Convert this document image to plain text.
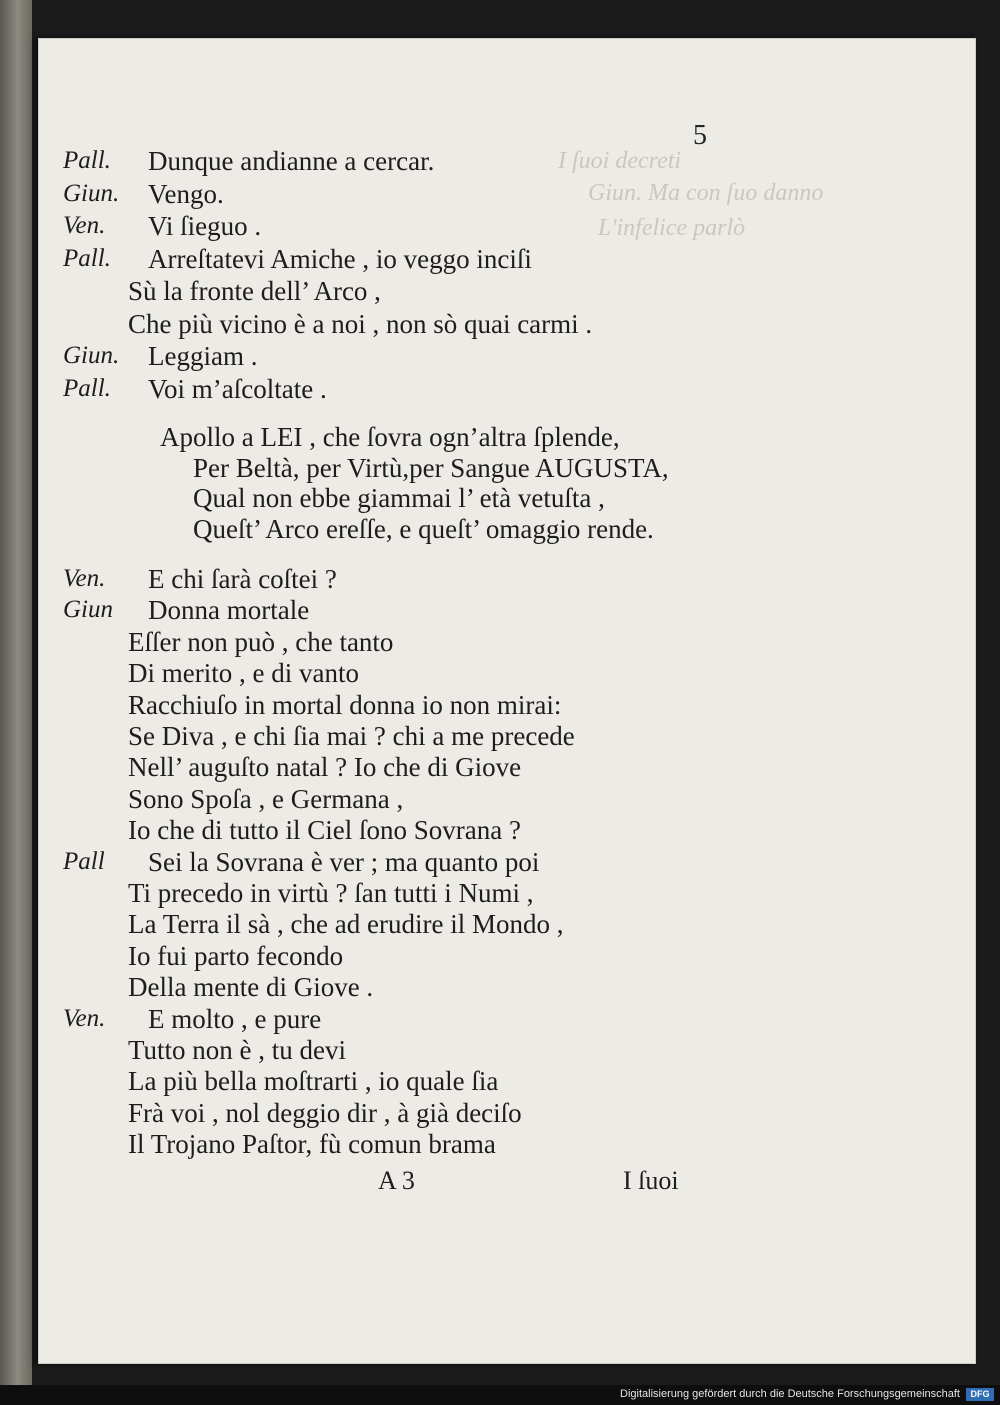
5
I ſuoi decreti
Giun. Ma con ſuo danno
L'infelice parlò
A 3	I ſuoi
Pall. Dunque andianne a cercar.
Giun. Vengo.
Ven. Vi ſieguo .
Pall. Arreſtatevi Amiche , io veggo inciſi
Sù la fronte dell’ Arco ,
Che più vicino è a noi , non sò quai carmi .
Giun. Leggiam .
Pall. Voi m’aſcoltate .
Ven. E chi ſarà coſtei ?
Giun Donna mortale
Eſſer non può , che tanto
Di merito , e di vanto
Racchiuſo in mortal donna io non mirai:
Se Diva , e chi ſia mai ? chi a me precede
Nell’ auguſto natal ? Io che di Giove
Sono Spoſa , e Germana ,
Io che di tutto il Ciel ſono Sovrana ?
Pall Sei la Sovrana è ver ; ma quanto poi
Ti precedo in virtù ? ſan tutti i Numi ,
La Terra il sà , che ad erudire il Mondo ,
Io fui parto fecondo
Della mente di Giove .
Ven. E molto , e pure
Tutto non è , tu devi
La più bella moſtrarti , io quale ſia
Frà voi , nol deggio dir , à già deciſo
Il Trojano Paſtor, fù comun brama
Apollo a LEI , che ſovra ogn’altra ſplende,
Per Beltà, per Virtù,per Sangue AUGUSTA,
Qual non ebbe giammai l’ età vetuſta ,
Queſt’ Arco ereſſe, e queſt’ omaggio rende.
Digitalisierung gefördert durch die Deutsche Forschungsgemeinschaft	DFG
